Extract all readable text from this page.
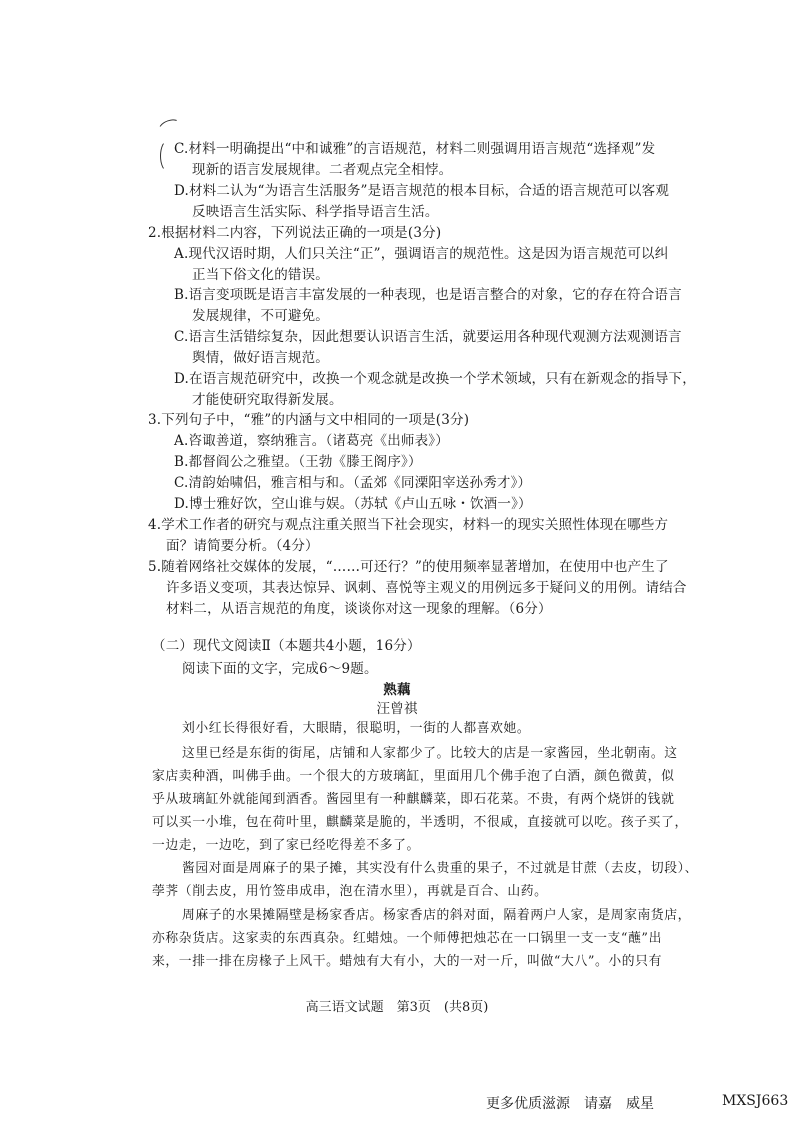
C.材料一明确提出“中和诚雅”的言语规范，材料二则强调用语言规范“选择观”发
现新的语言发展规律。二者观点完全相悖。
D.材料二认为“为语言生活服务”是语言规范的根本目标，合适的语言规范可以客观
反映语言生活实际、科学指导语言生活。
2.根据材料二内容，下列说法正确的一项是(3分)
A.现代汉语时期，人们只关注“正”，强调语言的规范性。这是因为语言规范可以纠
正当下俗文化的错误。
B.语言变项既是语言丰富发展的一种表现，也是语言整合的对象，它的存在符合语言
发展规律，不可避免。
C.语言生活错综复杂，因此想要认识语言生活，就要运用各种现代观测方法观测语言
舆情，做好语言规范。
D.在语言规范研究中，改换一个观念就是改换一个学术领域，只有在新观念的指导下，
才能使研究取得新发展。
3.下列句子中，“雅”的内涵与文中相同的一项是(3分)
A.咨诹善道，察纳雅言。（诸葛亮《出师表》）
B.都督阎公之雅望。（王勃《滕王阁序》）
C.清韵始啸侣，雅言相与和。（孟郊《同溧阳宰送孙秀才》）
D.博士雅好饮，空山谁与娱。（苏轼《卢山五咏・饮酒一》）
4.学术工作者的研究与观点注重关照当下社会现实，材料一的现实关照性体现在哪些方
面？请简要分析。（4分）
5.随着网络社交媒体的发展，“……可还行？”的使用频率显著增加，在使用中也产生了
许多语义变项，其表达惊异、讽刺、喜悦等主观义的用例远多于疑问义的用例。请结合
材料二，从语言规范的角度，谈谈你对这一现象的理解。（6分）
（二）现代文阅读Ⅱ（本题共4小题，16分）
阅读下面的文字，完成6～9题。
熟藕
汪曾祺
刘小红长得很好看，大眼睛，很聪明，一街的人都喜欢她。
这里已经是东街的街尾，店铺和人家都少了。比较大的店是一家酱园，坐北朝南。这
家店卖种酒，叫佛手曲。一个很大的方玻璃缸，里面用几个佛手泡了白酒，颜色微黄，似
乎从玻璃缸外就能闻到酒香。酱园里有一种麒麟菜，即石花菜。不贵，有两个烧饼的钱就
可以买一小堆，包在荷叶里，麒麟菜是脆的，半透明，不很咸，直接就可以吃。孩子买了，
一边走，一边吃，到了家已经吃得差不多了。
酱园对面是周麻子的果子摊，其实没有什么贵重的果子，不过就是甘蔗（去皮，切段）、
荸荠（削去皮，用竹签串成串，泡在清水里），再就是百合、山药。
周麻子的水果摊隔壁是杨家香店。杨家香店的斜对面，隔着两户人家，是周家南货店，
亦称杂货店。这家卖的东西真杂。红蜡烛。一个师傅把烛芯在一口锅里一支一支“蘸”出
来，一排一排在房椽子上风干。蜡烛有大有小，大的一对一斤，叫做“大八”。小的只有
高三语文试题　第3页　(共8页)
更多优质滋源　请嘉　威星	MXSJ663
